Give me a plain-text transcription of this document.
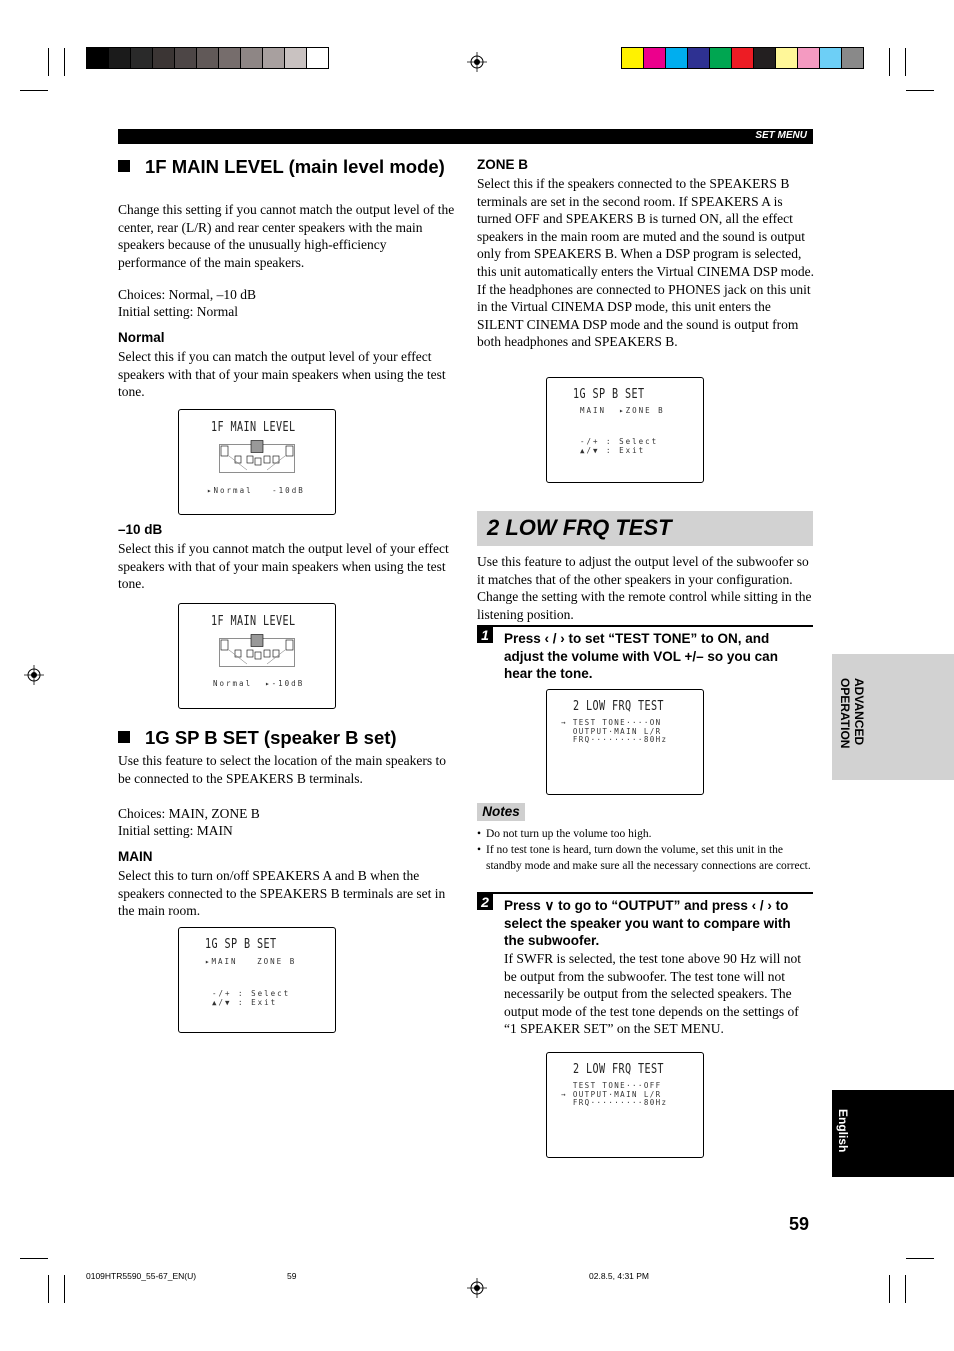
SET MENU
1F MAIN LEVEL (main level mode)
Change this setting if you cannot match the output level of the center, rear (L/R) and rear center speakers with the main speakers because of the unusually high-efficiency performance of the main speakers.
Choices: Normal, –10 dB
Initial setting: Normal
Normal
Select this if you can match the output level of your effect speakers with that of your main speakers when using the test tone.
1F MAIN LEVEL
▸Normal   -10dB
–10 dB
Select this if you cannot match the output level of your effect speakers with that of your main speakers when using the test tone.
1F MAIN LEVEL
Normal  ▸-10dB
1G SP B SET (speaker B set)
Use this feature to select the location of the main speakers to be connected to the SPEAKERS B terminals.
Choices: MAIN, ZONE B
Initial setting: MAIN
MAIN
Select this to turn on/off SPEAKERS A and B when the speakers connected to the SPEAKERS B terminals are set in the main room.
1G SP B SET
▸MAIN   ZONE B
-/+ : Select
▲/▼ : Exit
ZONE B
Select this if the speakers connected to the SPEAKERS B terminals are set in the second room. If SPEAKERS A is turned OFF and SPEAKERS B is turned ON, all the effect speakers in the main room are muted and the sound is output only from SPEAKERS B. When a DSP program is selected, this unit automatically enters the Virtual CINEMA DSP mode. If the headphones are connected to PHONES jack on this unit in the Virtual CINEMA DSP mode, this unit enters the SILENT CINEMA DSP mode and the sound is output from both headphones and SPEAKERS B.
1G SP B SET
MAIN  ▸ZONE B
-/+ : Select
▲/▼ : Exit
2 LOW FRQ TEST
Use this feature to adjust the output level of the subwoofer so it matches that of the other speakers in your configuration. Change the setting with the remote control while sitting in the listening position.
1	Press ‹ / › to set “TEST TONE” to ON, and adjust the volume with VOL +/– so you can hear the tone.
2 LOW FRQ TEST
→ TEST TONE····ON
OUTPUT·MAIN L/R
FRQ·········80Hz
Notes
• Do not turn up the volume too high.
• If no test tone is heard, turn down the volume, set this unit in the standby mode and make sure all the necessary connections are correct.
2	Press ∨ to go to “OUTPUT” and press ‹ / › to select the speaker you want to compare with the subwoofer.
If SWFR is selected, the test tone above 90 Hz will not be output from the subwoofer. The test tone will not necessarily be output from the selected speakers. The output mode of the test tone depends on the settings of “1 SPEAKER SET” on the SET MENU.
2 LOW FRQ TEST
TEST TONE···OFF
→ OUTPUT·MAIN L/R
FRQ·········80Hz
ADVANCED OPERATION
English
59
0109HTR5590_55-67_EN(U)	59	02.8.5, 4:31 PM
